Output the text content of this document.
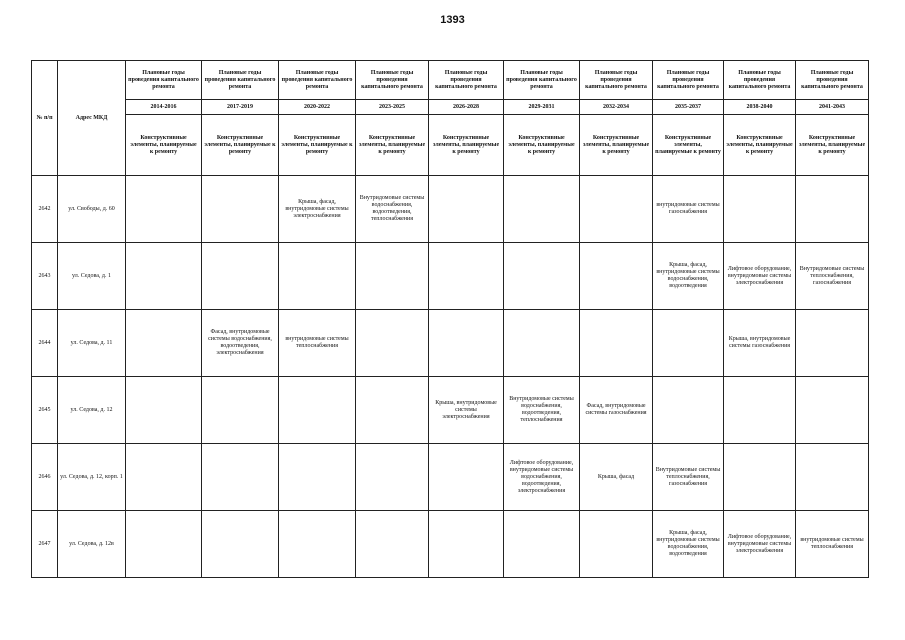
1393
№ п/п	Адрес МКД	Плановые годы проведения капитального ремонта	Плановые годы проведения капитального ремонта	Плановые годы проведения капитального ремонта	Плановые годы проведения капитального ремонта	Плановые годы проведения капитального ремонта	Плановые годы проведения капитального ремонта	Плановые годы проведения капитального ремонта	Плановые годы проведения капитального ремонта	Плановые годы проведения капитального ремонта	Плановые годы проведения капитального ремонта
		2014-2016	2017-2019	2020-2022	2023-2025	2026-2028	2029-2031	2032-2034	2035-2037	2038-2040	2041-2043
		Конструктивные элементы, планируемые к ремонту	Конструктивные элементы, планируемые к ремонту	Конструктивные элементы, планируемые к ремонту	Конструктивные элементы, планируемые к ремонту	Конструктивные элементы, планируемые к ремонту	Конструктивные элементы, планируемые к ремонту	Конструктивные элементы, планируемые к ремонту	Конструктивные элементы, планируемые к ремонту	Конструктивные элементы, планируемые к ремонту	Конструктивные элементы, планируемые к ремонту
2642	ул. Свободы, д. 60			Крыша, фасад, внутридомовые системы электроснабжения	Внутридомовые системы водоснабжения, водоотведения, теплоснабжения				внутридомовые системы газоснабжения		
2643	ул. Седова, д. 1								Крыша, фасад, внутридомовые системы водоснабжения, водоотведения	Лифтовое оборудование, внутридомовые системы электроснабжения	Внутридомовые системы теплоснабжения, газоснабжения
2644	ул. Седова, д. 11		Фасад, внутридомовые системы водоснабжения, водоотведения, электроснабжения	внутридомовые системы теплоснабжения						Крыша, внутридомовые системы газоснабжения	
2645	ул. Седова, д. 12					Крыша, внутридомовые системы электроснабжения	Внутридомовые системы водоснабжения, водоотведения, теплоснабжения	Фасад, внутридомовые системы газоснабжения			
2646	ул. Седова, д. 12, корп. 1						Лифтовое оборудование, внутридомовые системы водоснабжения, водоотведения, электроснабжения	Крыша, фасад	Внутридомовые системы теплоснабжения, газоснабжения		
2647	ул. Седова, д. 12в								Крыша, фасад, внутридомовые системы водоснабжения, водоотведения	Лифтовое оборудование, внутридомовые системы электроснабжения	внутридомовые системы теплоснабжения
